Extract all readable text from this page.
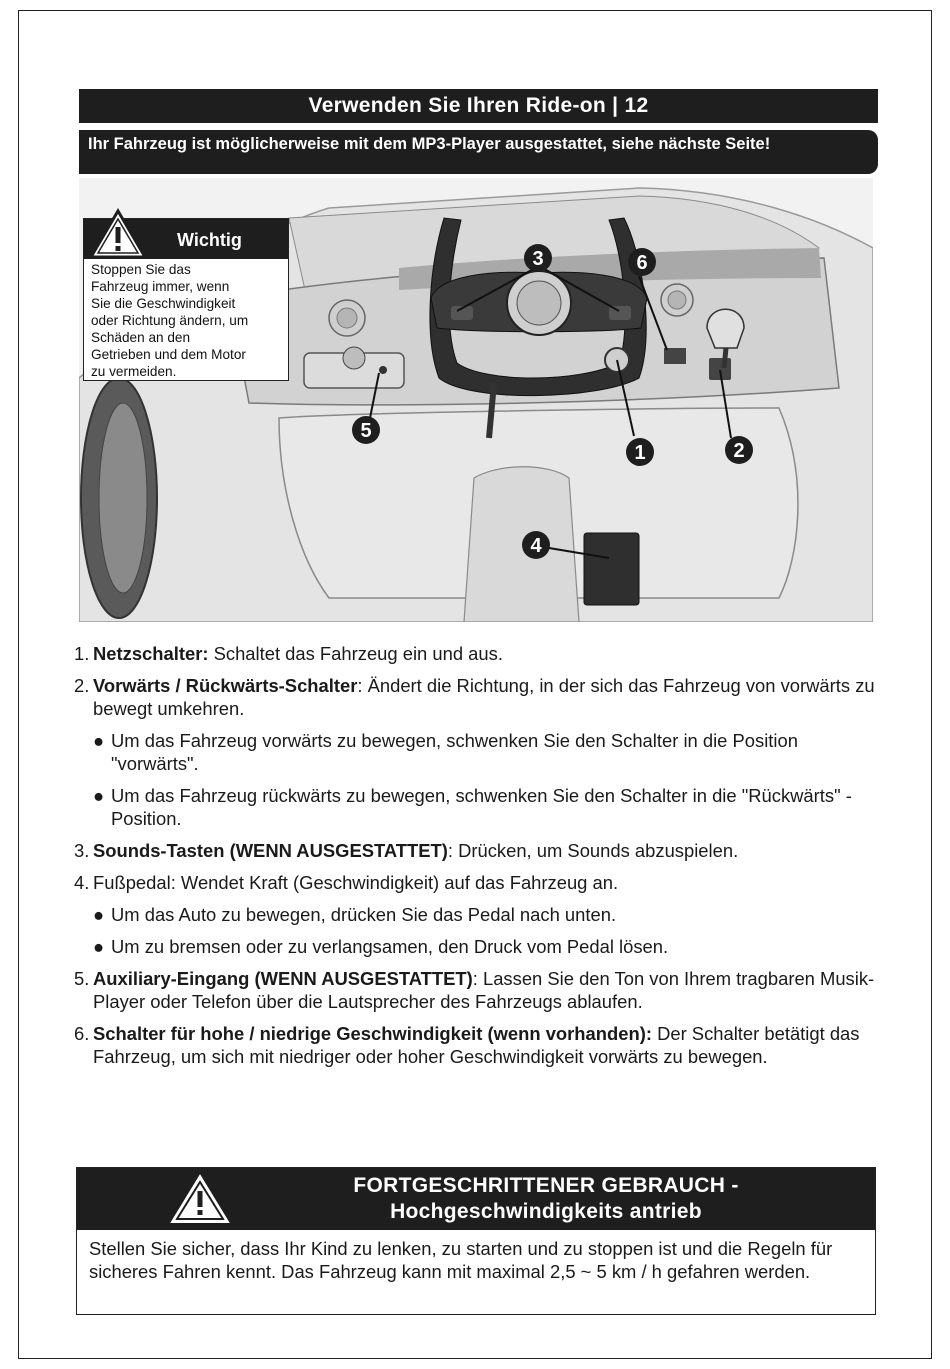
Verwenden Sie Ihren Ride-on | 12
Ihr Fahrzeug ist möglicherweise mit dem MP3-Player ausgestattet, siehe nächste Seite!
3	6
1	2
5
4
Wichtig
Stoppen Sie das
Fahrzeug immer, wenn
Sie die Geschwindigkeit
oder Richtung ändern, um
Schäden an den
Getrieben und dem Motor
zu vermeiden.
1. Netzschalter: Schaltet das Fahrzeug ein und aus.
2. Vorwärts / Rückwärts-Schalter: Ändert die Richtung, in der sich das Fahrzeug von vorwärts zu bewegt umkehren.
● Um das Fahrzeug vorwärts zu bewegen, schwenken Sie den Schalter in die Position "vorwärts".
● Um das Fahrzeug rückwärts zu bewegen, schwenken Sie den Schalter in die "Rückwärts" - Position.
3. Sounds-Tasten (WENN AUSGESTATTET): Drücken, um Sounds abzuspielen.
4. Fußpedal: Wendet Kraft (Geschwindigkeit) auf das Fahrzeug an.
● Um das Auto zu bewegen, drücken Sie das Pedal nach unten.
● Um zu bremsen oder zu verlangsamen, den Druck vom Pedal lösen.
5. Auxiliary-Eingang (WENN AUSGESTATTET): Lassen Sie den Ton von Ihrem tragbaren Musik-Player oder Telefon über die Lautsprecher des Fahrzeugs ablaufen.
6. Schalter für hohe / niedrige Geschwindigkeit (wenn vorhanden): Der Schalter betätigt das Fahrzeug, um sich mit niedriger oder hoher Geschwindigkeit vorwärts zu bewegen.
FORTGESCHRITTENER GEBRAUCH -
Hochgeschwindigkeits antrieb
Stellen Sie sicher, dass Ihr Kind zu lenken, zu starten und zu stoppen ist und die Regeln für sicheres Fahren kennt. Das Fahrzeug kann mit maximal 2,5 ~ 5 km / h gefahren werden.
